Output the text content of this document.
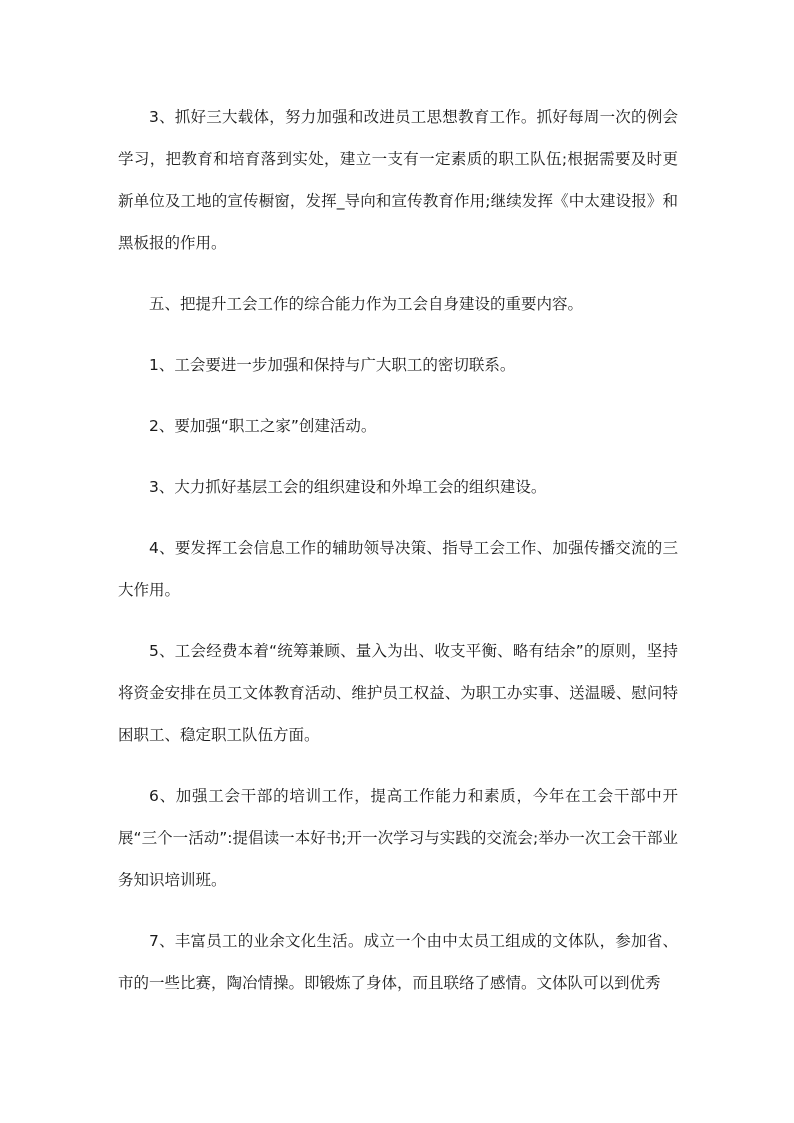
3、抓好三大载体，努力加强和改进员工思想教育工作。抓好每周一次的例会学习，把教育和培育落到实处，建立一支有一定素质的职工队伍;根据需要及时更新单位及工地的宣传橱窗，发挥_导向和宣传教育作用;继续发挥《中太建设报》和黑板报的作用。

五、把提升工会工作的综合能力作为工会自身建设的重要内容。

1、工会要进一步加强和保持与广大职工的密切联系。

2、要加强“职工之家”创建活动。

3、大力抓好基层工会的组织建设和外埠工会的组织建设。

4、要发挥工会信息工作的辅助领导决策、指导工会工作、加强传播交流的三大作用。

5、工会经费本着“统筹兼顾、量入为出、收支平衡、略有结余”的原则，坚持将资金安排在员工文体教育活动、维护员工权益、为职工办实事、送温暖、慰问特困职工、稳定职工队伍方面。

6、加强工会干部的培训工作，提高工作能力和素质，今年在工会干部中开展“三个一活动”:提倡读一本好书;开一次学习与实践的交流会;举办一次工会干部业务知识培训班。

7、丰富员工的业余文化生活。成立一个由中太员工组成的文体队，参加省、市的一些比赛，陶冶情操。即锻炼了身体，而且联络了感情。文体队可以到优秀
